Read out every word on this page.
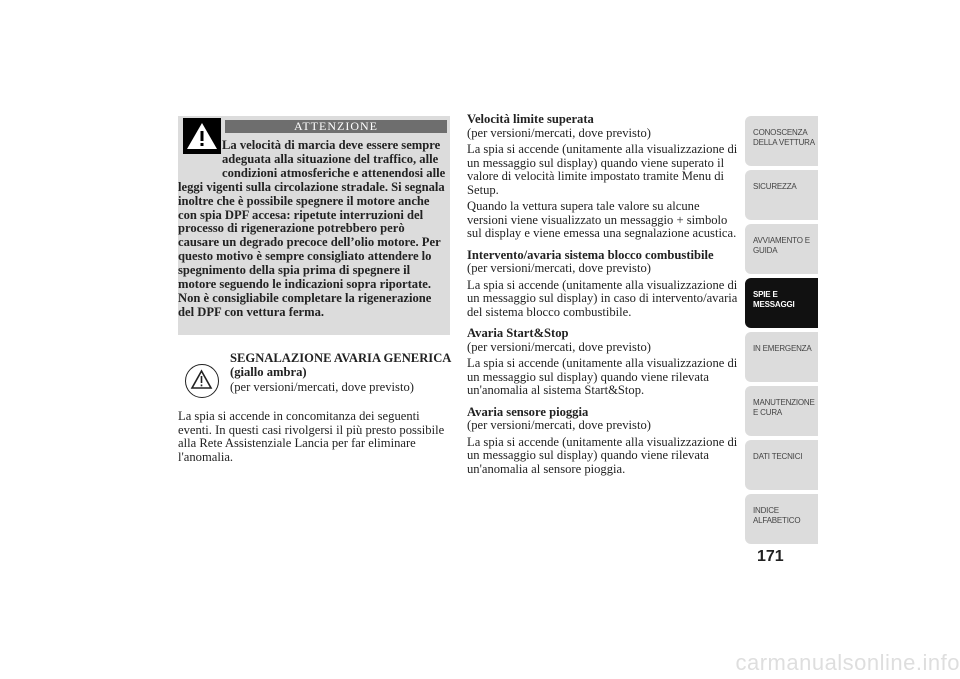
ATTENZIONE

La velocità di marcia deve essere sempre adeguata alla situazione del traffico, alle condizioni atmosferiche e attenendosi alle leggi vigenti sulla circolazione stradale. Si segnala inoltre che è possibile spegnere il motore anche con spia DPF accesa: ripetute interruzioni del processo di rigenerazione potrebbero però causare un degrado precoce dell’olio motore. Per questo motivo è sempre consigliato attendere lo spegnimento della spia prima di spegnere il motore seguendo le indicazioni sopra riportate. Non è consigliabile completare la rigenerazione del DPF con vettura ferma.

SEGNALAZIONE AVARIA GENERICA (giallo ambra)

(per versioni/mercati, dove previsto)

La spia si accende in concomitanza dei seguenti eventi. In questi casi rivolgersi il più presto possibile alla Rete Assistenziale Lancia per far eliminare l'anomalia.

Velocità limite superata

(per versioni/mercati, dove previsto)

La spia si accende (unitamente alla visualizzazione di un messaggio sul display) quando viene superato il valore di velocità limite impostato tramite Menu di Setup.

Quando la vettura supera tale valore su alcune versioni viene visualizzato un messaggio + simbolo sul display e viene emessa una segnalazione acustica.

Intervento/avaria sistema blocco combustibile

(per versioni/mercati, dove previsto)

La spia si accende (unitamente alla visualizzazione di un messaggio sul display) in caso di intervento/avaria del sistema blocco combustibile.

Avaria Start&Stop

(per versioni/mercati, dove previsto)

La spia si accende (unitamente alla visualizzazione di un messaggio sul display) quando viene rilevata un'anomalia al sistema Start&Stop.

Avaria sensore pioggia

(per versioni/mercati, dove previsto)

La spia si accende (unitamente alla visualizzazione di un messaggio sul display) quando viene rilevata un'anomalia al sensore pioggia.

CONOSCENZA DELLA VETTURA
SICUREZZA
AVVIAMENTO E GUIDA
SPIE E MESSAGGI
IN EMERGENZA
MANUTENZIONE E CURA
DATI TECNICI
INDICE ALFABETICO
171
carmanualsonline.info
